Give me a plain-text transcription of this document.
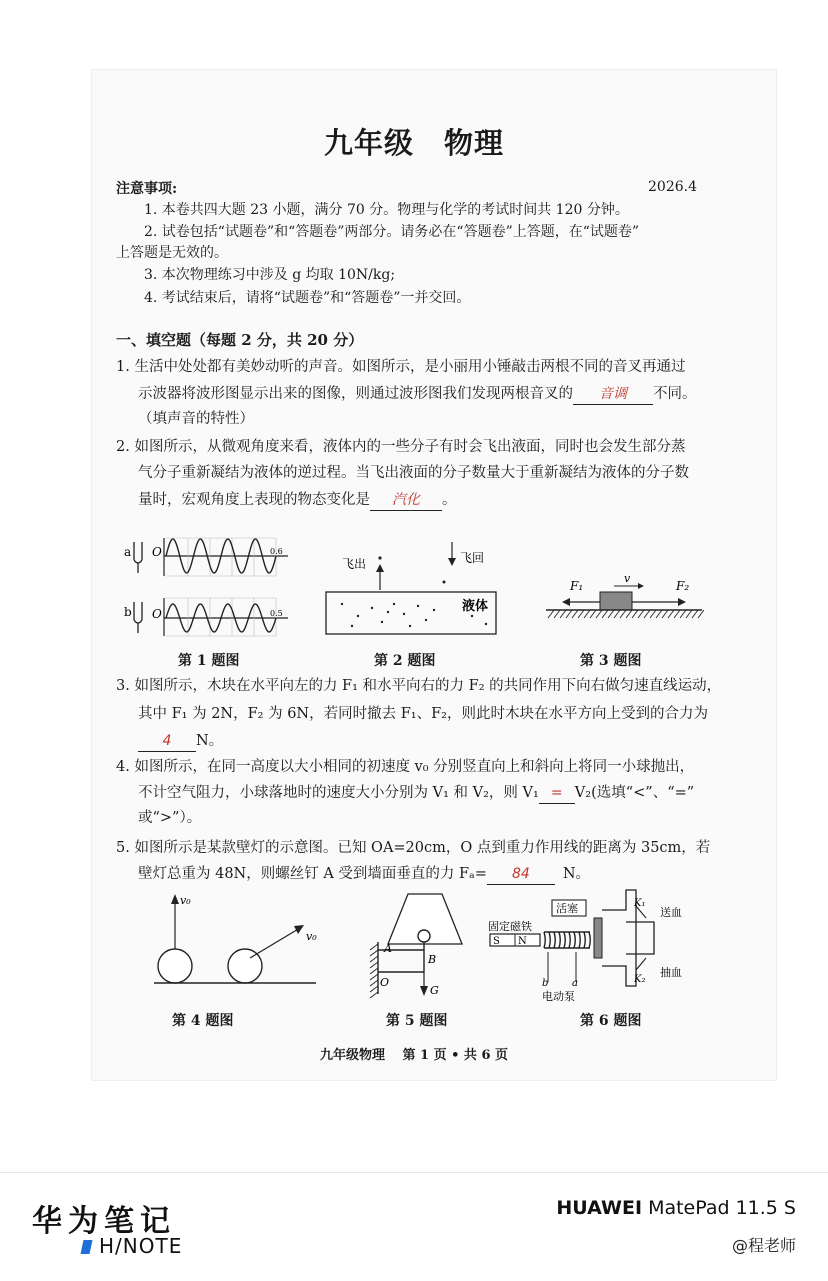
九年级 物理
2026.4
注意事项:
1. 本卷共四大题 23 小题，满分 70 分。物理与化学的考试时间共 120 分钟。
2. 试卷包括“试题卷”和“答题卷”两部分。请务必在“答题卷”上答题，在“试题卷”
上答题是无效的。
3. 本次物理练习中涉及 g 均取 10N/kg;
4. 考试结束后，请将“试题卷”和“答题卷”一并交回。
一、填空题（每题 2 分，共 20 分）
1. 生活中处处都有美妙动听的声音。如图所示，是小丽用小锤敲击两根不同的音叉再通过
示波器将波形图显示出来的图像，则通过波形图我们发现两根音叉的 音调 不同。
（填声音的特性）
2. 如图所示，从微观角度来看，液体内的一些分子有时会飞出液面，同时也会发生部分蒸
气分子重新凝结为液体的逆过程。当飞出液面的分子数量大于重新凝结为液体的分子数
量时，宏观角度上表现的物态变化是 汽化 。
a O	0.6
b O	0.5
第 1 题图
飞出	飞回
液体
第 2 题图
F₁	F₂
v
第 3 题图
3. 如图所示，木块在水平向左的力 F₁ 和水平向右的力 F₂ 的共同作用下向右做匀速直线运动，
其中 F₁ 为 2N，F₂ 为 6N，若同时撤去 F₁、F₂，则此时木块在水平方向上受到的合力为
4 N。
4. 如图所示，在同一高度以大小相同的初速度 v₀ 分别竖直向上和斜向上将同一小球抛出，
不计空气阻力，小球落地时的速度大小分别为 V₁ 和 V₂，则 V₁ = V₂(选填“<”、“=”
或“>”）。
5. 如图所示是某款壁灯的示意图。已知 OA=20cm，O 点到重力作用线的距离为 35cm，若
壁灯总重为 48N，则螺丝钉 A 受到墙面垂直的力 Fₐ= 84 N。
v₀
v₀
第 4 题图
A
B
O
G
第 5 题图
固定磁铁
活塞
S N
K₁
K₂
送血
抽血
b a
电动泵
第 6 题图
九年级物理　 第 1 页 • 共 6 页
华为笔记
H/NOTE
HUAWEI MatePad 11.5 S
@程老师
